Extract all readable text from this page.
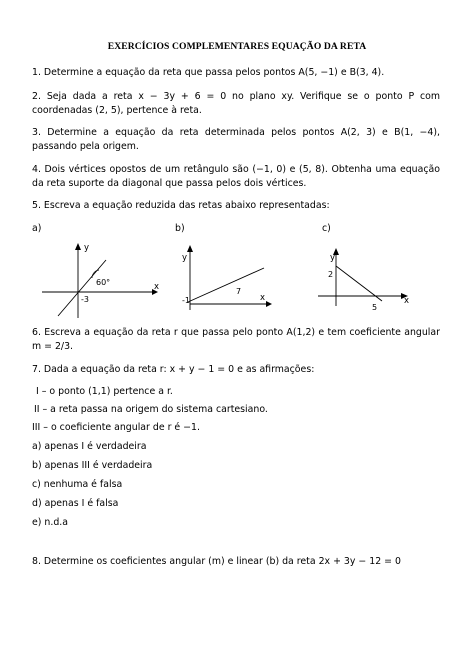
EXERCÍCIOS COMPLEMENTARES EQUAÇÃO DA RETA
1. Determine a equação da reta que passa pelos pontos A(5, −1) e B(3, 4).
2. Seja dada a reta x − 3y + 6 = 0 no plano xy. Verifique se o ponto P com coordenadas (2, 5), pertence à reta.
3. Determine a equação da reta determinada pelos pontos A(2, 3) e B(1, −4), passando pela origem.
4. Dois vértices opostos de um retângulo são (−1, 0) e (5, 8). Obtenha uma equação da reta suporte da diagonal que passa pelos dois vértices.
5. Escreva a equação reduzida das retas abaixo representadas:
a)	b)	c)
y
x
60°
-3
y
x
-1
7
y
x
2
5
6. Escreva a equação da reta r que passa pelo ponto A(1,2) e tem coeficiente angular m = 2/3.
7. Dada a equação da reta r: x + y − 1 = 0 e as afirmações:
I – o ponto (1,1) pertence a r.
II – a reta passa na origem do sistema cartesiano.
III – o coeficiente angular de r é −1.
a) apenas I é verdadeira
b) apenas III é verdadeira
c) nenhuma é falsa
d) apenas I é falsa
e) n.d.a
8. Determine os coeficientes angular (m) e linear (b) da reta 2x + 3y − 12 = 0
